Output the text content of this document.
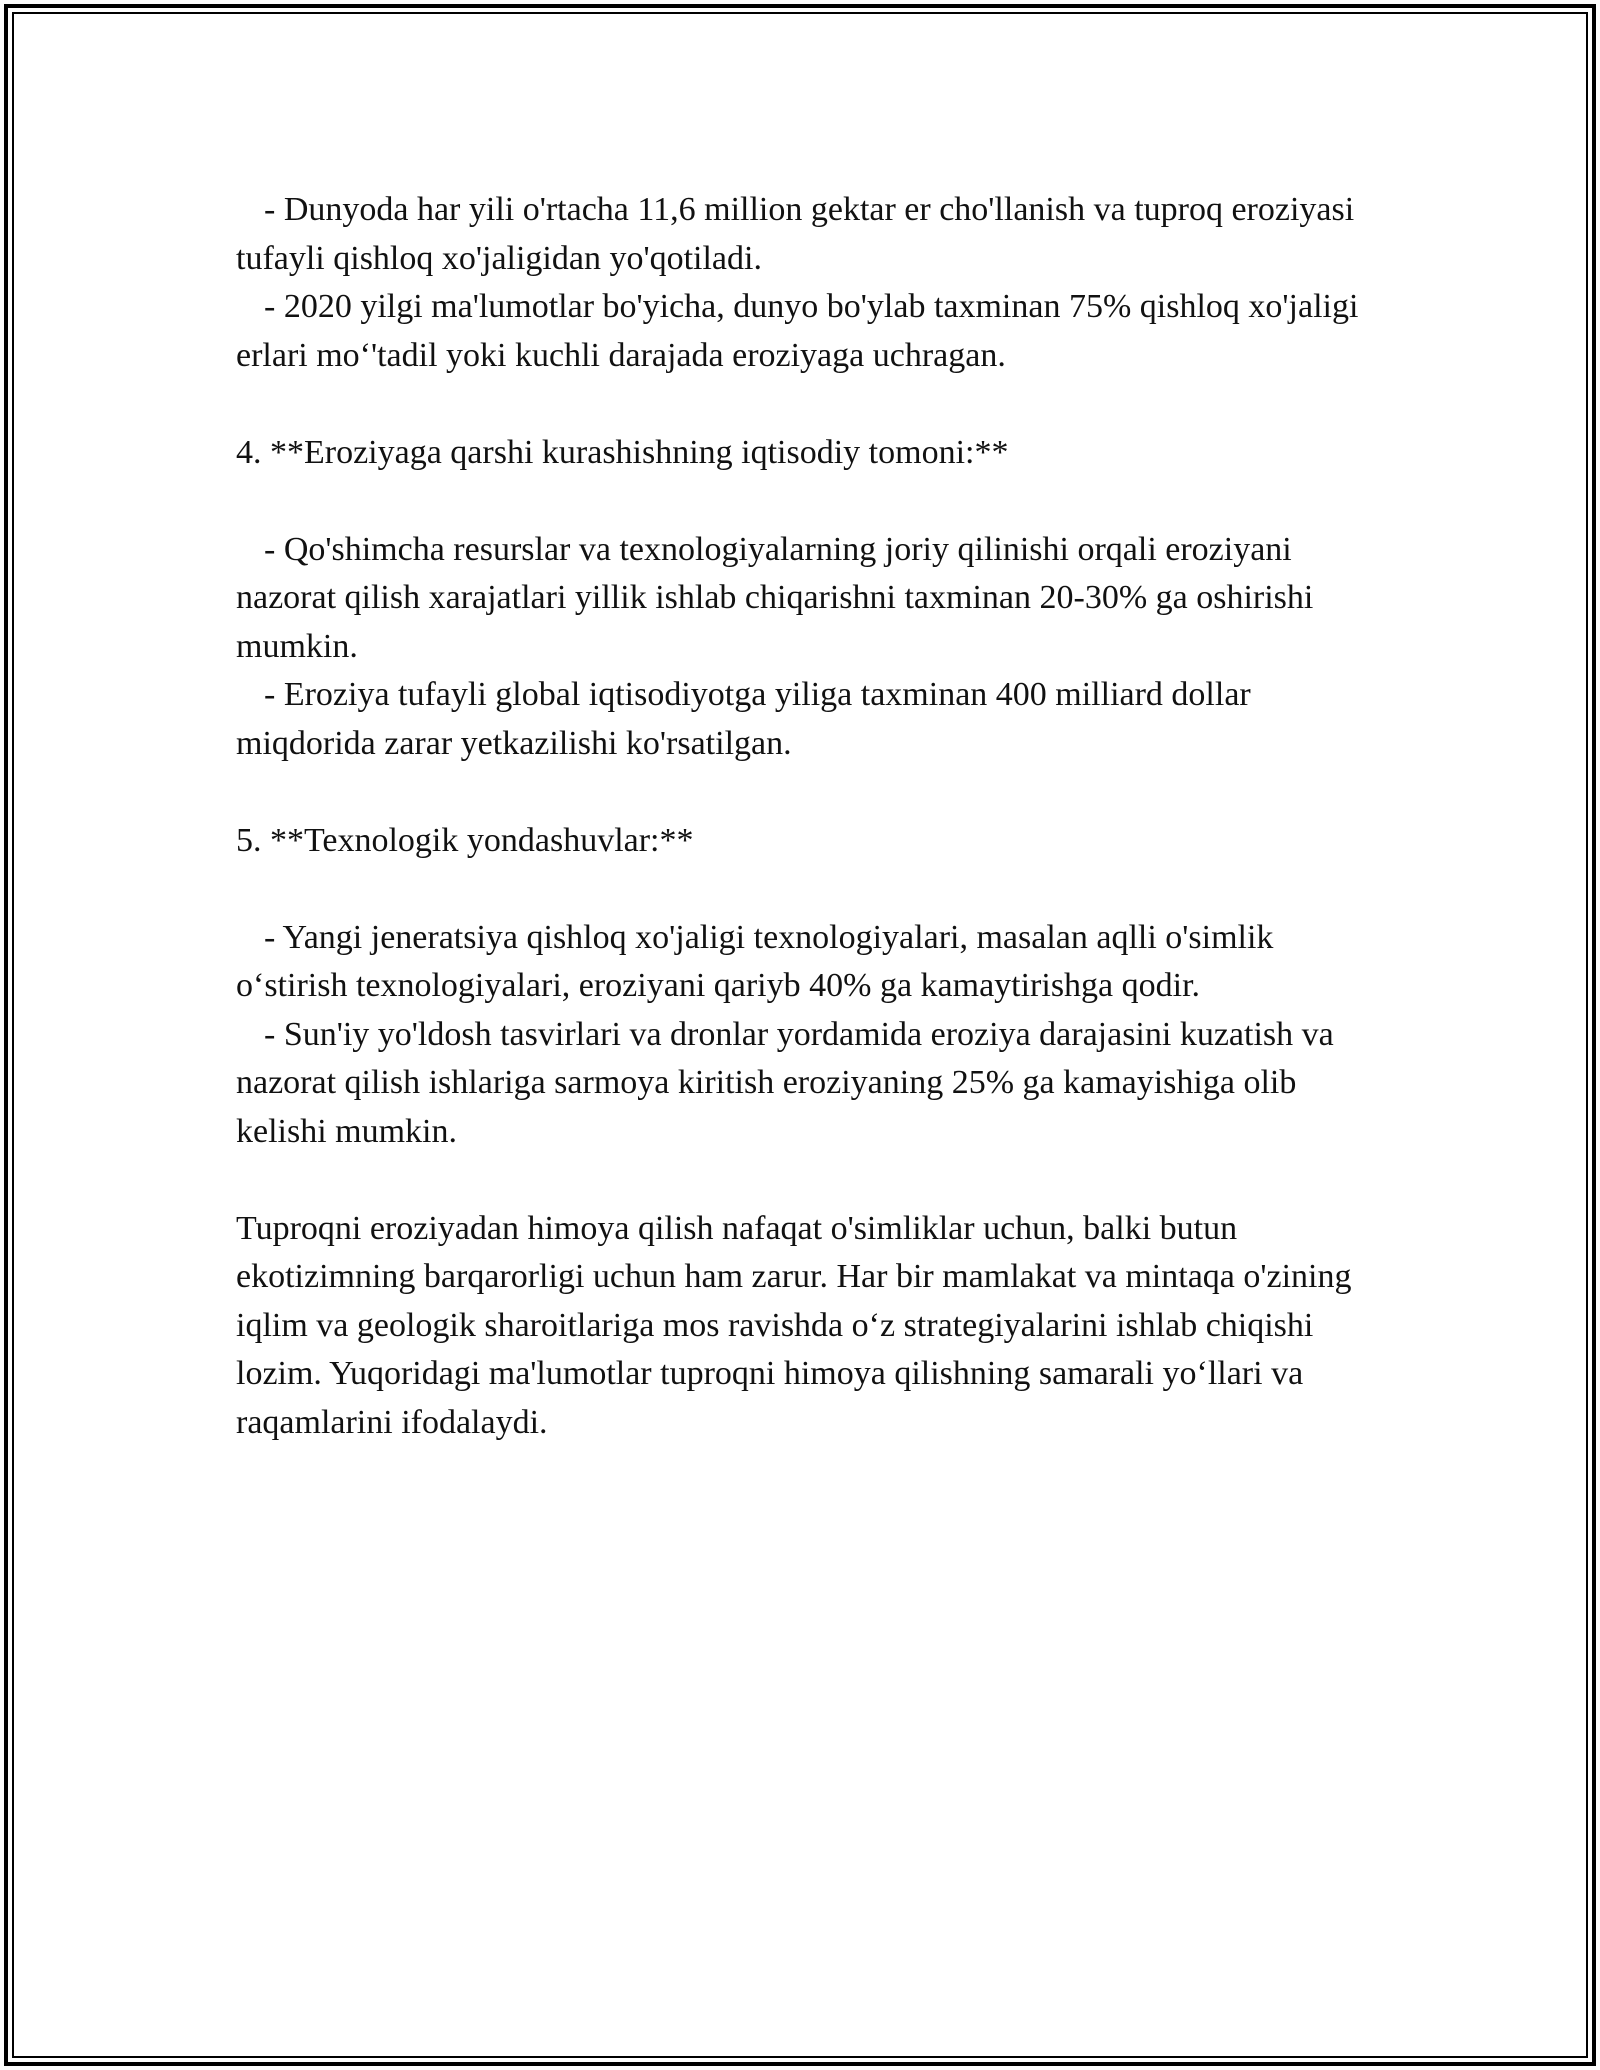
- Dunyoda har yili o'rtacha 11,6 million gektar er cho'llanish va tuproq eroziyasi tufayli qishloq xo'jaligidan yo'qotiladi.

- 2020 yilgi ma'lumotlar bo'yicha, dunyo bo'ylab taxminan 75% qishloq xo'jaligi erlari mo‘'tadil yoki kuchli darajada eroziyaga uchragan.

4. **Eroziyaga qarshi kurashishning iqtisodiy tomoni:**

- Qo'shimcha resurslar va texnologiyalarning joriy qilinishi orqali eroziyani nazorat qilish xarajatlari yillik ishlab chiqarishni taxminan 20-30% ga oshirishi mumkin.

- Eroziya tufayli global iqtisodiyotga yiliga taxminan 400 milliard dollar miqdorida zarar yetkazilishi ko'rsatilgan.

5. **Texnologik yondashuvlar:**

- Yangi jeneratsiya qishloq xo'jaligi texnologiyalari, masalan aqlli o'simlik o‘stirish texnologiyalari, eroziyani qariyb 40% ga kamaytirishga qodir.

- Sun'iy yo'ldosh tasvirlari va dronlar yordamida eroziya darajasini kuzatish va nazorat qilish ishlariga sarmoya kiritish eroziyaning 25% ga kamayishiga olib kelishi mumkin.

Tuproqni eroziyadan himoya qilish nafaqat o'simliklar uchun, balki butun ekotizimning barqarorligi uchun ham zarur. Har bir mamlakat va mintaqa o'zining iqlim va geologik sharoitlariga mos ravishda o‘z strategiyalarini ishlab chiqishi lozim. Yuqoridagi ma'lumotlar tuproqni himoya qilishning samarali yo‘llari va raqamlarini ifodalaydi.
